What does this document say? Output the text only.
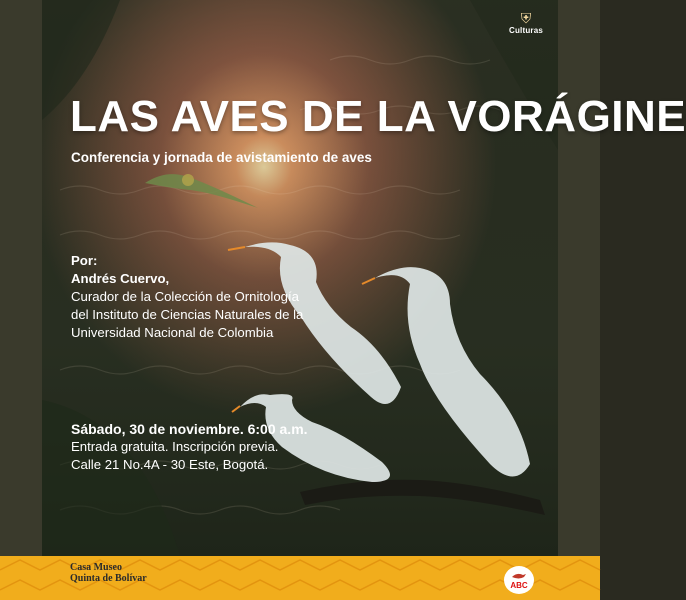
⛨
Culturas
LAS AVES DE LA VORÁGINE
Conferencia y jornada de avistamiento de aves
Por:
Andrés Cuervo,
Curador de la Colección de Ornitología
del Instituto de Ciencias Naturales de la
Universidad Nacional de Colombia
Sábado, 30 de noviembre. 6:00 a.m.
Entrada gratuita. Inscripción previa.
Calle 21 No.4A - 30 Este, Bogotá.
Casa Museo
Quinta de Bolívar
ABC
